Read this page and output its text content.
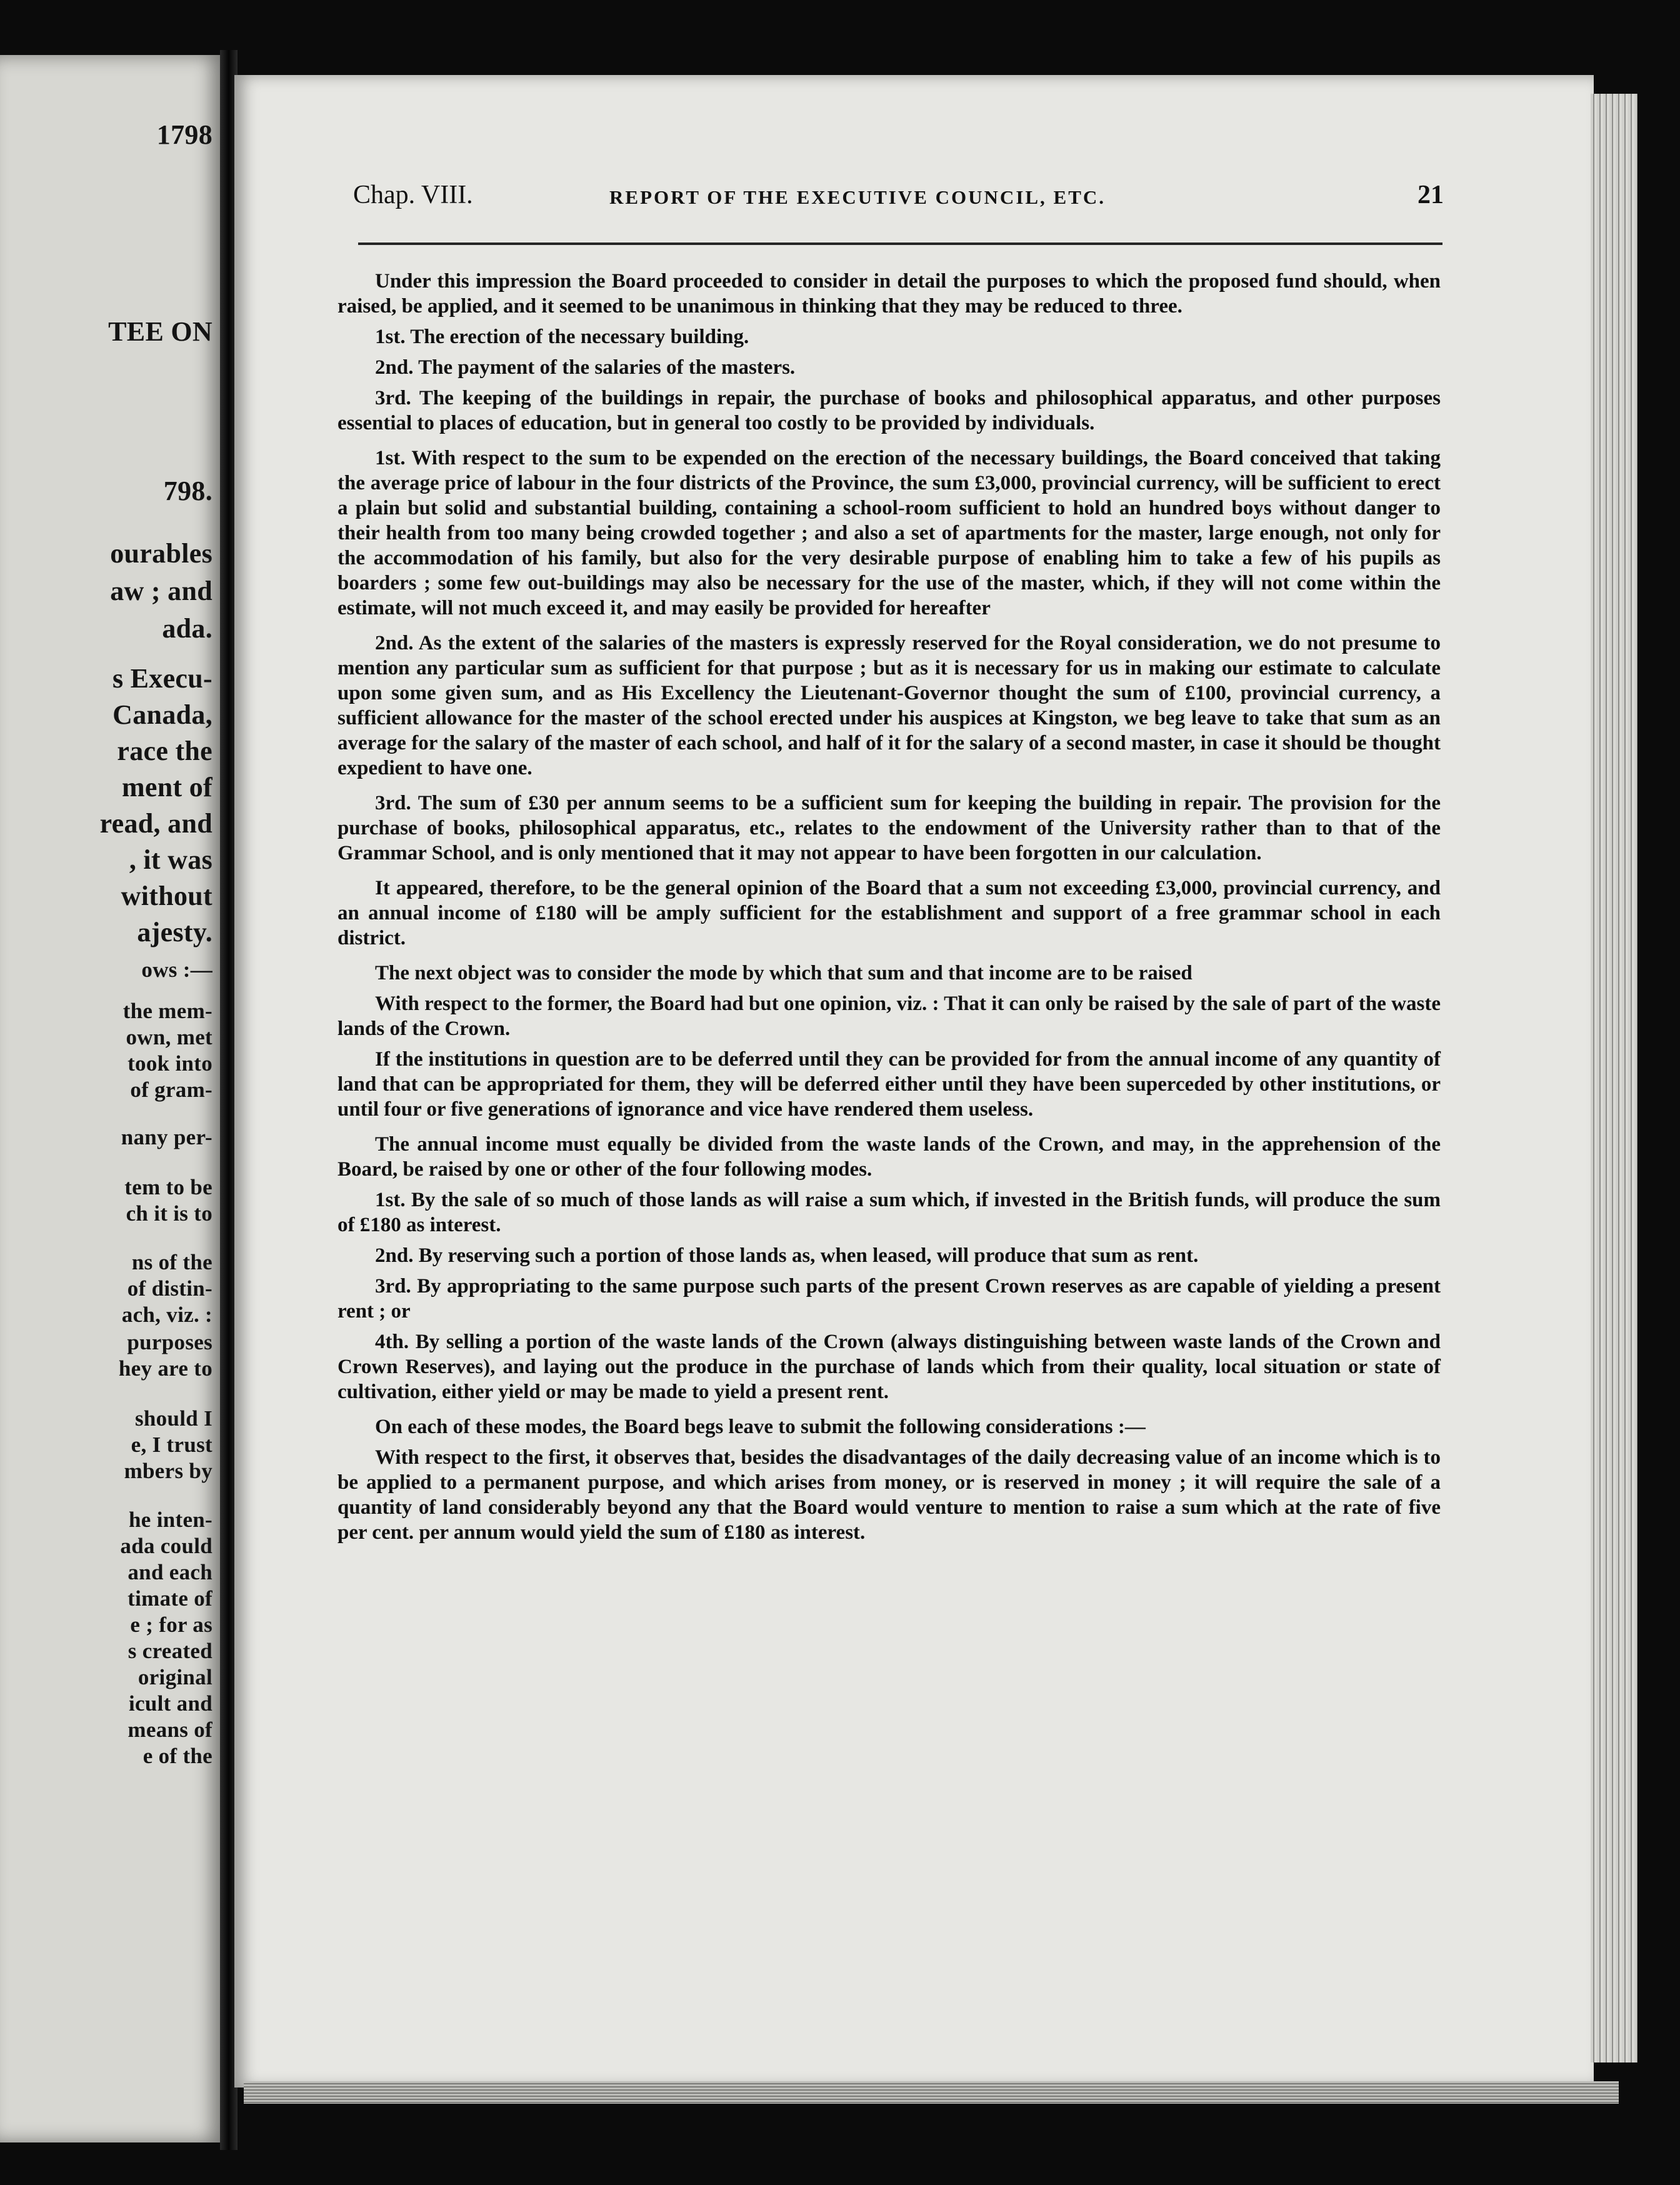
1798
TEE ON
798.
ourables
aw ; and
ada.
s Execu-
Canada,
race the
ment of
read, and
, it was
without
ajesty.
ows :—
the mem-
own, met
took into
of gram-
nany per-
tem to be
ch it is to
ns of the
of distin-
ach, viz. :
purposes
hey are to
should I
e, I trust
mbers by
he inten-
ada could
and each
timate of
e ; for as
s created
original
icult and
means of
e of the
Chap. VIII.	REPORT OF THE EXECUTIVE COUNCIL, ETC.	21

Under this impression the Board proceeded to consider in detail the purposes to which the proposed fund should, when raised, be applied, and it seemed to be unanimous in thinking that they may be reduced to three.

1st. The erection of the necessary building.

2nd. The payment of the salaries of the masters.

3rd. The keeping of the buildings in repair, the purchase of books and philosophical apparatus, and other purposes essential to places of education, but in general too costly to be provided by individuals.

1st. With respect to the sum to be expended on the erection of the necessary buildings, the Board conceived that taking the average price of labour in the four districts of the Province, the sum £3,000, provincial currency, will be sufficient to erect a plain but solid and substantial building, containing a school-room sufficient to hold an hundred boys without danger to their health from too many being crowded together ; and also a set of apartments for the master, large enough, not only for the accommodation of his family, but also for the very desirable purpose of enabling him to take a few of his pupils as boarders ; some few out-buildings may also be necessary for the use of the master, which, if they will not come within the estimate, will not much exceed it, and may easily be provided for hereafter

2nd. As the extent of the salaries of the masters is expressly reserved for the Royal consideration, we do not presume to mention any particular sum as sufficient for that purpose ; but as it is necessary for us in making our estimate to calculate upon some given sum, and as His Excellency the Lieutenant-Governor thought the sum of £100, provincial currency, a sufficient allowance for the master of the school erected under his auspices at Kingston, we beg leave to take that sum as an average for the salary of the master of each school, and half of it for the salary of a second master, in case it should be thought expedient to have one.

3rd. The sum of £30 per annum seems to be a sufficient sum for keeping the building in repair. The provision for the purchase of books, philosophical apparatus, etc., relates to the endowment of the University rather than to that of the Grammar School, and is only mentioned that it may not appear to have been forgotten in our calculation.

It appeared, therefore, to be the general opinion of the Board that a sum not exceeding £3,000, provincial currency, and an annual income of £180 will be amply sufficient for the establishment and support of a free grammar school in each district.

The next object was to consider the mode by which that sum and that income are to be raised

With respect to the former, the Board had but one opinion, viz. : That it can only be raised by the sale of part of the waste lands of the Crown.

If the institutions in question are to be deferred until they can be provided for from the annual income of any quantity of land that can be appropriated for them, they will be deferred either until they have been superceded by other institutions, or until four or five generations of ignorance and vice have rendered them useless.

The annual income must equally be divided from the waste lands of the Crown, and may, in the apprehension of the Board, be raised by one or other of the four following modes.

1st. By the sale of so much of those lands as will raise a sum which, if invested in the British funds, will produce the sum of £180 as interest.

2nd. By reserving such a portion of those lands as, when leased, will produce that sum as rent.

3rd. By appropriating to the same purpose such parts of the present Crown reserves as are capable of yielding a present rent ; or

4th. By selling a portion of the waste lands of the Crown (always distinguishing between waste lands of the Crown and Crown Reserves), and laying out the produce in the purchase of lands which from their quality, local situation or state of cultivation, either yield or may be made to yield a present rent.

On each of these modes, the Board begs leave to submit the following considerations :—

With respect to the first, it observes that, besides the disadvantages of the daily decreasing value of an income which is to be applied to a permanent purpose, and which arises from money, or is reserved in money ; it will require the sale of a quantity of land considerably beyond any that the Board would venture to mention to raise a sum which at the rate of five per cent. per annum would yield the sum of £180 as interest.
